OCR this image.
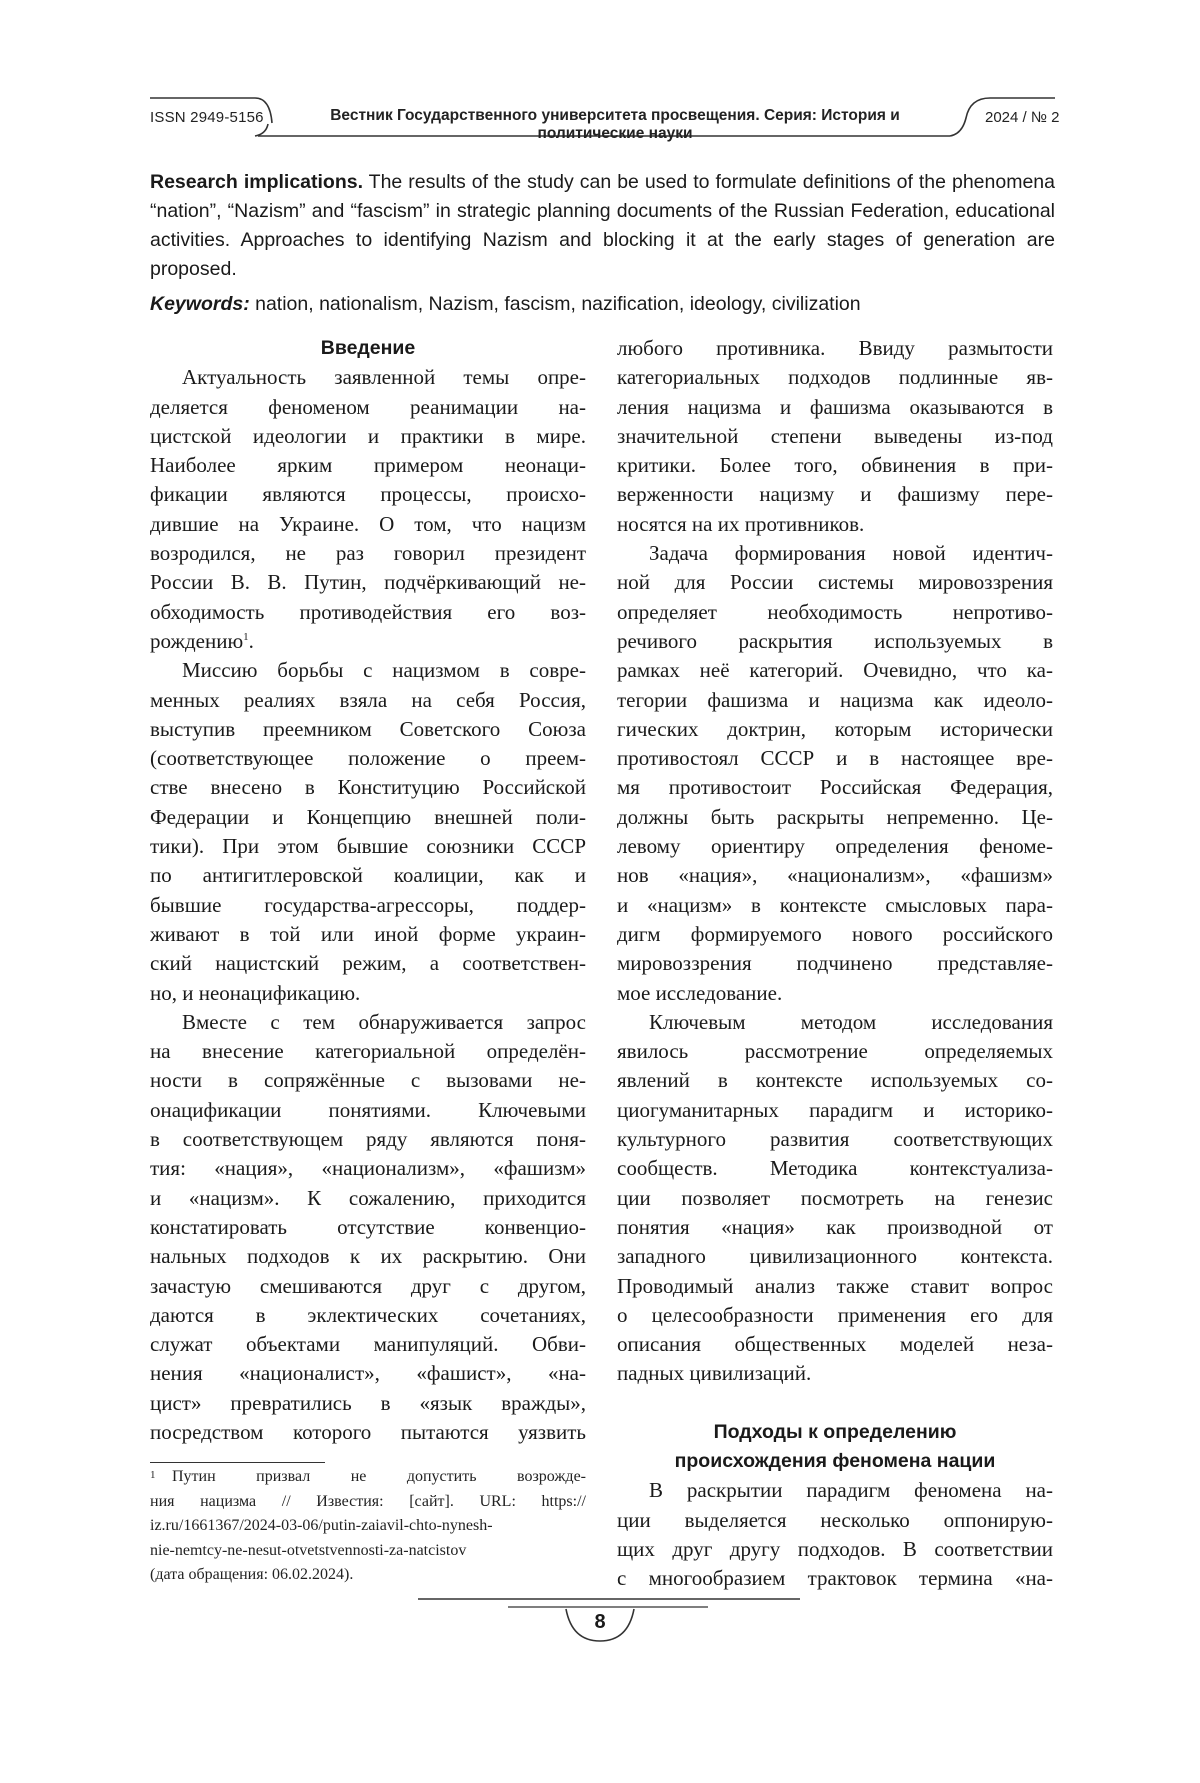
ISSN 2949-5156	Вестник Государственного университета просвещения. Серия: История и политические науки
2024 / № 2
Research implications. The results of the study can be used to formulate definitions of the phenomena “nation”, “Nazism” and “fascism” in strategic planning documents of the Russian Federation, educational activities. Approaches to identifying Nazism and blocking it at the early stages of generation are proposed.
Keywords: nation, nationalism, Nazism, fascism, nazification, ideology, civilization
Введение
Актуальность заявленной темы опре-
деляется феноменом реанимации на-
цистской идеологии и практики в мире.
Наиболее ярким примером неонаци-
фикации являются процессы, происхо-
дившие на Украине. О том, что нацизм
возродился, не раз говорил президент
России В. В. Путин, подчёркивающий не-
обходимость противодействия его воз-
рождению$^1$.
Миссию борьбы с нацизмом в совре-
менных реалиях взяла на себя Россия,
выступив преемником Советского Союза
(соответствующее положение о преем-
стве внесено в Конституцию Российской
Федерации и Концепцию внешней поли-
тики). При этом бывшие союзники СССР
по антигитлеровской коалиции, как и
бывшие государства-агрессоры, поддер-
живают в той или иной форме украин-
ский нацистский режим, а соответствен-
но, и неонацификацию.
Вместе с тем обнаруживается запрос
на внесение категориальной определён-
ности в сопряжённые с вызовами не-
онацификации понятиями. Ключевыми
в соответствующем ряду являются поня-
тия: «нация», «национализм», «фашизм»
и «нацизм». К сожалению, приходится
констатировать отсутствие конвенцио-
нальных подходов к их раскрытию. Они
зачастую смешиваются друг с другом,
даются в эклектических сочетаниях,
служат объектами манипуляций. Обви-
нения «националист», «фашист», «на-
цист» превратились в «язык вражды»,
посредством которого пытаются уязвить
1	Путин призвал не допустить возрожде-
ния нацизма // Известия: [сайт]. URL: https://
iz.ru/1661367/2024-03-06/putin-zaiavil-chto-nynesh-
nie-nemtcy-ne-nesut-otvetstvennosti-za-natcistov
(дата обращения: 06.02.2024).
любого противника. Ввиду размытости
категориальных подходов подлинные яв-
ления нацизма и фашизма оказываются в
значительной степени выведены из-под
критики. Более того, обвинения в при-
верженности нацизму и фашизму пере-
носятся на их противников.
Задача формирования новой идентич-
ной для России системы мировоззрения
определяет необходимость непротиво-
речивого раскрытия используемых в
рамках неё категорий. Очевидно, что ка-
тегории фашизма и нацизма как идеоло-
гических доктрин, которым исторически
противостоял СССР и в настоящее вре-
мя противостоит Российская Федерация,
должны быть раскрыты непременно. Це-
левому ориентиру определения феноме-
нов «нация», «национализм», «фашизм»
и «нацизм» в контексте смысловых пара-
дигм формируемого нового российского
мировоззрения подчинено представляе-
мое исследование.
Ключевым методом исследования
явилось рассмотрение определяемых
явлений в контексте используемых со-
циогуманитарных парадигм и историко-
культурного развития соответствующих
сообществ. Методика контекстуализа-
ции позволяет посмотреть на генезис
понятия «нация» как производной от
западного цивилизационного контекста.
Проводимый анализ также ставит вопрос
о целесообразности применения его для
описания общественных моделей неза-
падных цивилизаций.
Подходы к определению
происхождения феномена нации
В раскрытии парадигм феномена на-
ции выделяется несколько оппонирую-
щих друг другу подходов. В соответствии
с многообразием трактовок термина «на-
8
